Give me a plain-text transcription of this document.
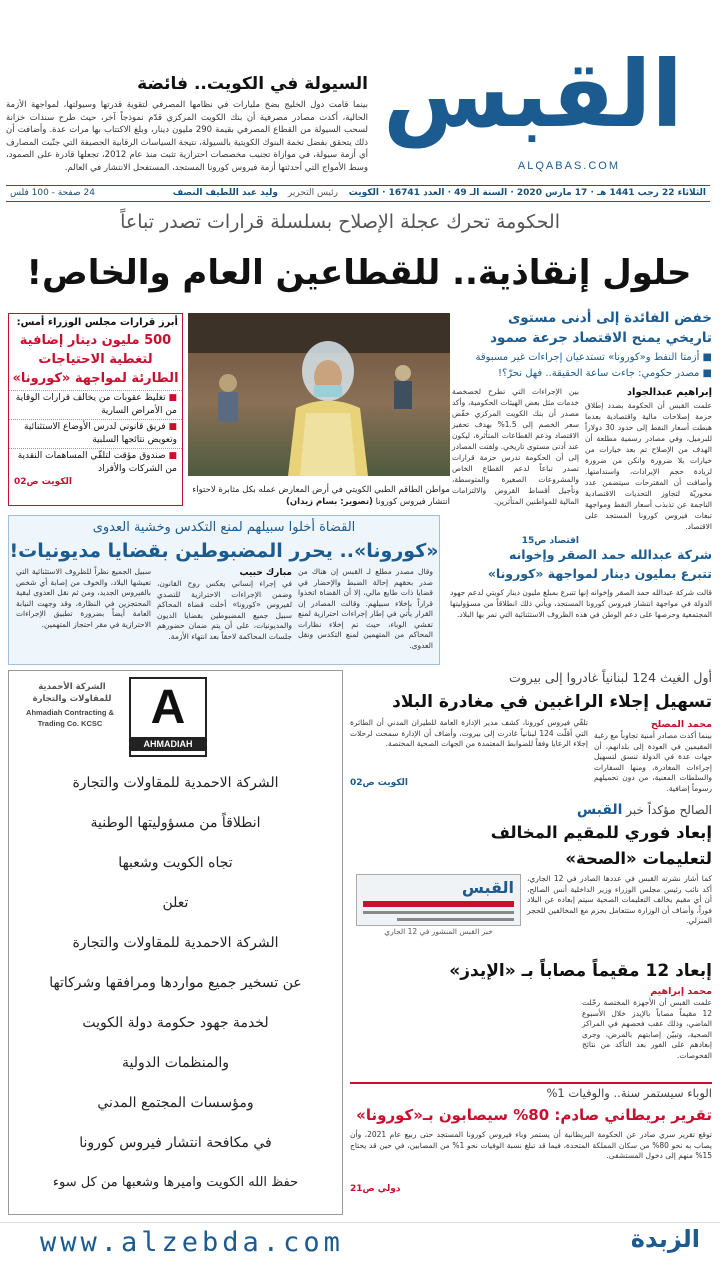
القبس
ALQABAS.COM
السيولة في الكويت.. فائضة
بينما قامت دول الخليج بضخ مليارات في نظامها المصرفي لتقوية قدرتها وسيولتها، لمواجهة الأزمة الحالية، أكدت مصادر مصرفية أن بنك الكويت المركزي قدّم نموذجاً آخر، حيث طرح سندات خزانة لسحب السيولة من القطاع المصرفي بقيمة 290 مليون دينار، وبلغ الاكتتاب بها مرات عدة. وأضافت أن ذلك يتحقق بفضل تخمة البنوك الكويتية بالسيولة، نتيجة السياسات الرقابية الحصيفة التي جنّبت المصارف أي أزمة سيولة، في موازاة تجنيب مخصصات احترازية تثبت منذ عام 2012، تجعلها قادرة على الصمود، وسط الأمواج التي أحدثتها أزمة فيروس كورونا المستجد، المستفحل الانتشار في العالم.
الثلاثاء 22 رجب 1441 هـ · 17 مارس 2020 · السنة الـ 49 · العدد 16741 · الكويت
رئيس التحرير
وليد عبد اللطيف النصف
24 صفحة - 100 فلس
الحكومة تحرك عجلة الإصلاح بسلسلة قرارات تصدر تباعاً
حلول إنقاذية.. للقطاعين العام والخاص!
خفض الفائدة إلى أدنى مستوى
تاريخي يمنح الاقتصاد جرعة صمود
■ أزمتا النفط و«كورونا» تستدعيان إجراءات غير مسبوقة
■ مصدر حكومي: جاءت ساعة الحقيقة.. فهل نحرّ؟!
إبراهيم عبدالجواد
علمت القبس أن الحكومة بصدد إطلاق حزمة إصلاحات مالية واقتصادية بعدما هبطت أسعار النفط إلى حدود 30 دولاراً للبرميل، وفي مصادر رسمية مطلعة أن الهدف من الإصلاح تم بعد خيارات من خيارات بلا ضرورة وانكن من ضرورة لزيادة حجم الإيرادات، واستدامتها. وأضافت أن المقترحات سيتضمن عدد محوريّة لتجاوز التحديات الاقتصادية الناجمة عن تذبذب أسعار النفط ومواجهة تبعات فيروس كورونا المستجد على الاقتصاد.
بين الإجراءات التي تطرح لخصخصة خدمات مثل بعض الهيئات الحكومية، وأكد مصدر أن بنك الكويت المركزي خفّض سعر الخصم إلى 1.5% بهدف تحفيز الاقتصاد ودعم القطاعات المتأثرة، ليكون عند أدنى مستوى تاريخي. ولفتت المصادر إلى أن الحكومة تدرس حزمة قرارات تصدر تباعاً لدعم القطاع الخاص والمشروعات الصغيرة والمتوسطة، وتأجيل أقساط القروض والالتزامات المالية للمواطنين المتأثرين.
اقتصاد ص15
مواطن الطاقم الطبي الكويتي في أرض المعارض عمله بكل مثابرة لاحتواء انتشار فيروس كورونا (تصوير: بسام زيدان)
أبرز قرارات مجلس الوزراء أمس:
500 مليون دينار إضافية
لتغطية الاحتياجات
الطارئة لمواجهة «كورونا»
■ تغليظ عقوبات من يخالف قرارات الوقاية من الأمراض السارية
■ فريق قانوني لدرس الأوضاع الاستثنائية وتعويض نتائجها السلبية
■ صندوق مؤقت لتلقّي المساهمات النقدية من الشركات والأفراد
الكويت ص02
القضاة أخلوا سبيلهم لمنع التكدس وخشية العدوى
«كورونا».. يحرر المضبوطين بقضايا مديونيات!
وقال مصدر مطلع لـ القبس إن هناك من صدر بحقهم إحالة الضبط والإحضار في قضايا ذات طابع مالي، إلا أن القضاة اتخذوا قراراً بإخلاء سبيلهم. وقالت المصادر إن القرار يأتي في إطار إجراءات احترازية لمنع تفشي الوباء، حيث تم إخلاء نظارات المحاكم من المتهمين لمنع التكدس ونقل العدوى.
مبارك حبيب
في إجراء إنساني يعكس روح القانون، وضمن الإجراءات الاحترازية للتصدي لفيروس «كورونا» أخلت قضاة المحاكم سبيل جميع المضبوطين بقضايا الديون والمديونيات، على أن يتم ضمان حضورهم جلسات المحاكمة لاحقاً بعد انتهاء الأزمة.
سبيل الجميع نظراً للظروف الاستثنائية التي تعيشها البلاد، والخوف من إصابة أي شخص بالفيروس الجديد، ومن ثم نقل العدوى لبقية المحتجزين في النظارة، وقد وجهت النيابة العامة أيضاً بضرورة تطبيق الإجراءات الاحترازية في مقر احتجاز المتهمين.
A
AHMADIAH
الشركة الأحمدية للمقاولات والتجارة
Ahmadiah Contracting & Trading Co. KCSC
الشركة الاحمدية للمقاولات والتجارة
انطلاقاً من مسؤوليتها الوطنية
تجاه الكويت وشعبها
تعلن
الشركة الاحمدية للمقاولات والتجارة
عن تسخير جميع مواردها ومرافقها وشركاتها
لخدمة جهود حكومة دولة الكويت
والمنظمات الدولية
ومؤسسات المجتمع المدني
في مكافحة انتشار فيروس كورونا
حفظ الله الكويت واميرها وشعبها من كل سوء
شركة عبدالله حمد الصقر وإخوانه
تتبرع بمليون دينار لمواجهة «كورونا»
قالت شركة عبدالله حمد الصقر وإخوانه إنها تتبرع بمبلغ مليون دينار كويتي لدعم جهود الدولة في مواجهة انتشار فيروس كورونا المستجد، ويأتي ذلك انطلاقاً من مسؤوليتها المجتمعية وحرصها على دعم الوطن في هذه الظروف الاستثنائية التي تمر بها البلاد.
أول الغيث 124 لبنانياً غادروا إلى بيروت
تسهيل إجلاء الراغبين في مغادرة البلاد
محمد المصلح
بينما أكدت مصادر أمنية تجاوباً مع رغبة المقيمين في العودة إلى بلدانهم، أن جهات عدة في الدولة تنسق لتسهيل إجراءات المغادرة، ومنها السفارات والسلطات المعنية، من دون تحميلهم رسوماً إضافية.
تلقّي فيروس كورونا، كشف مدير الإدارة العامة للطيران المدني أن الطائرة التي أقلّت 124 لبنانياً غادرت إلى بيروت، وأضاف أن الإدارة سمحت لرحلات إجلاء الرعايا وفقاً للضوابط المعتمدة من الجهات الصحية المختصة.
الكويت ص02
الصالح مؤكداً خبر القبس
إبعاد فوري للمقيم المخالف
لتعليمات «الصحة»
كما أشار نشرته القبس في عددها الصادر في 12 الجاري، أكد نائب رئيس مجلس الوزراء وزير الداخلية أنس الصالح، أن أي مقيم يخالف التعليمات الصحية سيتم إبعاده عن البلاد فوراً، وأضاف أن الوزارة ستتعامل بحزم مع المخالفين للحجر المنزلي.
القبس
خبر القبس المنشور في 12 الجاري
إبعاد 12 مقيماً مصاباً بـ «الإيدز»
محمد إبراهيم
علمت القبس أن الأجهزة المختصة رحّلت 12 مقيماً مصاباً بالإيدز خلال الأسبوع الماضي، وذلك عقب فحصهم في المراكز الصحية، وتبيّن إصابتهم بالمرض، وجرى إبعادهم على الفور بعد التأكد من نتائج الفحوصات.
الوباء سيستمر سنة.. والوفيات 1%
تقرير بريطاني صادم: 80% سيصابون بـ«كورونا»
توقع تقرير سري صادر عن الحكومة البريطانية أن يستمر وباء فيروس كورونا المستجد حتى ربيع عام 2021، وأن يصاب به نحو 80% من سكان المملكة المتحدة، فيما قد تبلغ نسبة الوفيات نحو 1% من المصابين، في حين قد يحتاج 15% منهم إلى دخول المستشفى.
دولي ص21
www.alzebda.com	الزبدة
